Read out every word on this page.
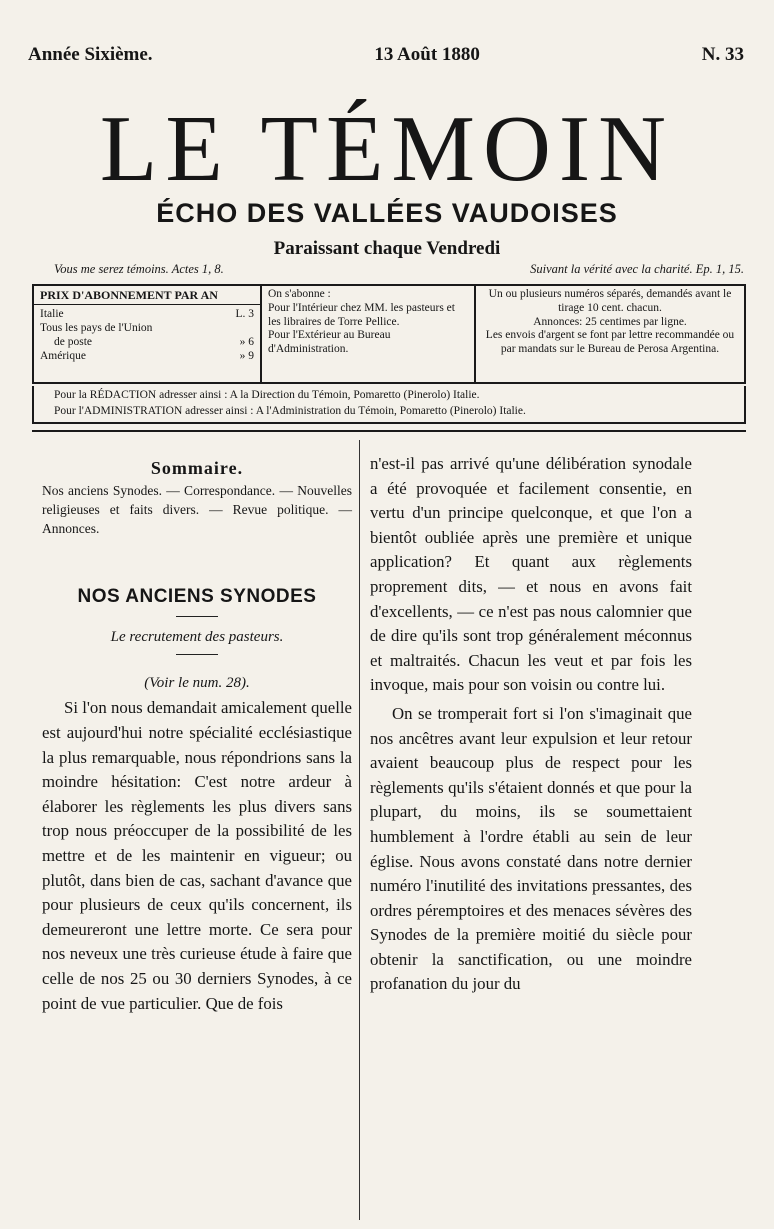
Année Sixième.	13 Août 1880	N. 33
LE TÉMOIN
ÉCHO DES VALLÉES VAUDOISES
Paraissant chaque Vendredi
Vous me serez témoins. Actes 1, 8.	Suivant la vérité avec la charité. Ep. 1, 15.
PRIX D'ABONNEMENT PAR AN
Italie	L. 3
Tous les pays de l'Union
de poste	» 6
Amérique	» 9
On s'abonne :
Pour l'Intérieur chez MM. les pasteurs et les libraires de Torre Pellice.
Pour l'Extérieur au Bureau d'Administration.
Un ou plusieurs numéros séparés, demandés avant le tirage 10 cent. chacun.
Annonces: 25 centimes par ligne.
Les envois d'argent se font par lettre recommandée ou par mandats sur le Bureau de Perosa Argentina.
Pour la RÉDACTION adresser ainsi : A la Direction du Témoin, Pomaretto (Pinerolo) Italie.
Pour l'ADMINISTRATION adresser ainsi : A l'Administration du Témoin, Pomaretto (Pinerolo) Italie.
Sommaire.
Nos anciens Synodes. — Correspondance. — Nouvelles religieuses et faits divers. — Revue politique. — Annonces.
NOS ANCIENS SYNODES
Le recrutement des pasteurs.
(Voir le num. 28).

Si l'on nous demandait amicalement quelle est aujourd'hui notre spécialité ecclésiastique la plus remarquable, nous répondrions sans la moindre hésitation: C'est notre ardeur à élaborer les règlements les plus divers sans trop nous préoccuper de la possibilité de les mettre et de les maintenir en vigueur; ou plutôt, dans bien de cas, sachant d'avance que pour plusieurs de ceux qu'ils concernent, ils demeureront une lettre morte. Ce sera pour nos neveux une très curieuse étude à faire que celle de nos 25 ou 30 derniers Synodes, à ce point de vue particulier. Que de fois

n'est-il pas arrivé qu'une délibération synodale a été provoquée et facilement consentie, en vertu d'un principe quelconque, et que l'on a bientôt oubliée après une première et unique application? Et quant aux règlements proprement dits, — et nous en avons fait d'excellents, — ce n'est pas nous calomnier que de dire qu'ils sont trop généralement méconnus et maltraités. Chacun les veut et par fois les invoque, mais pour son voisin ou contre lui.

On se tromperait fort si l'on s'imaginait que nos ancêtres avant leur expulsion et leur retour avaient beaucoup plus de respect pour les règlements qu'ils s'étaient donnés et que pour la plupart, du moins, ils se soumettaient humblement à l'ordre établi au sein de leur église. Nous avons constaté dans notre dernier numéro l'inutilité des invitations pressantes, des ordres péremptoires et des menaces sévères des Synodes de la première moitié du siècle pour obtenir la sanctification, ou une moindre profanation du jour du
